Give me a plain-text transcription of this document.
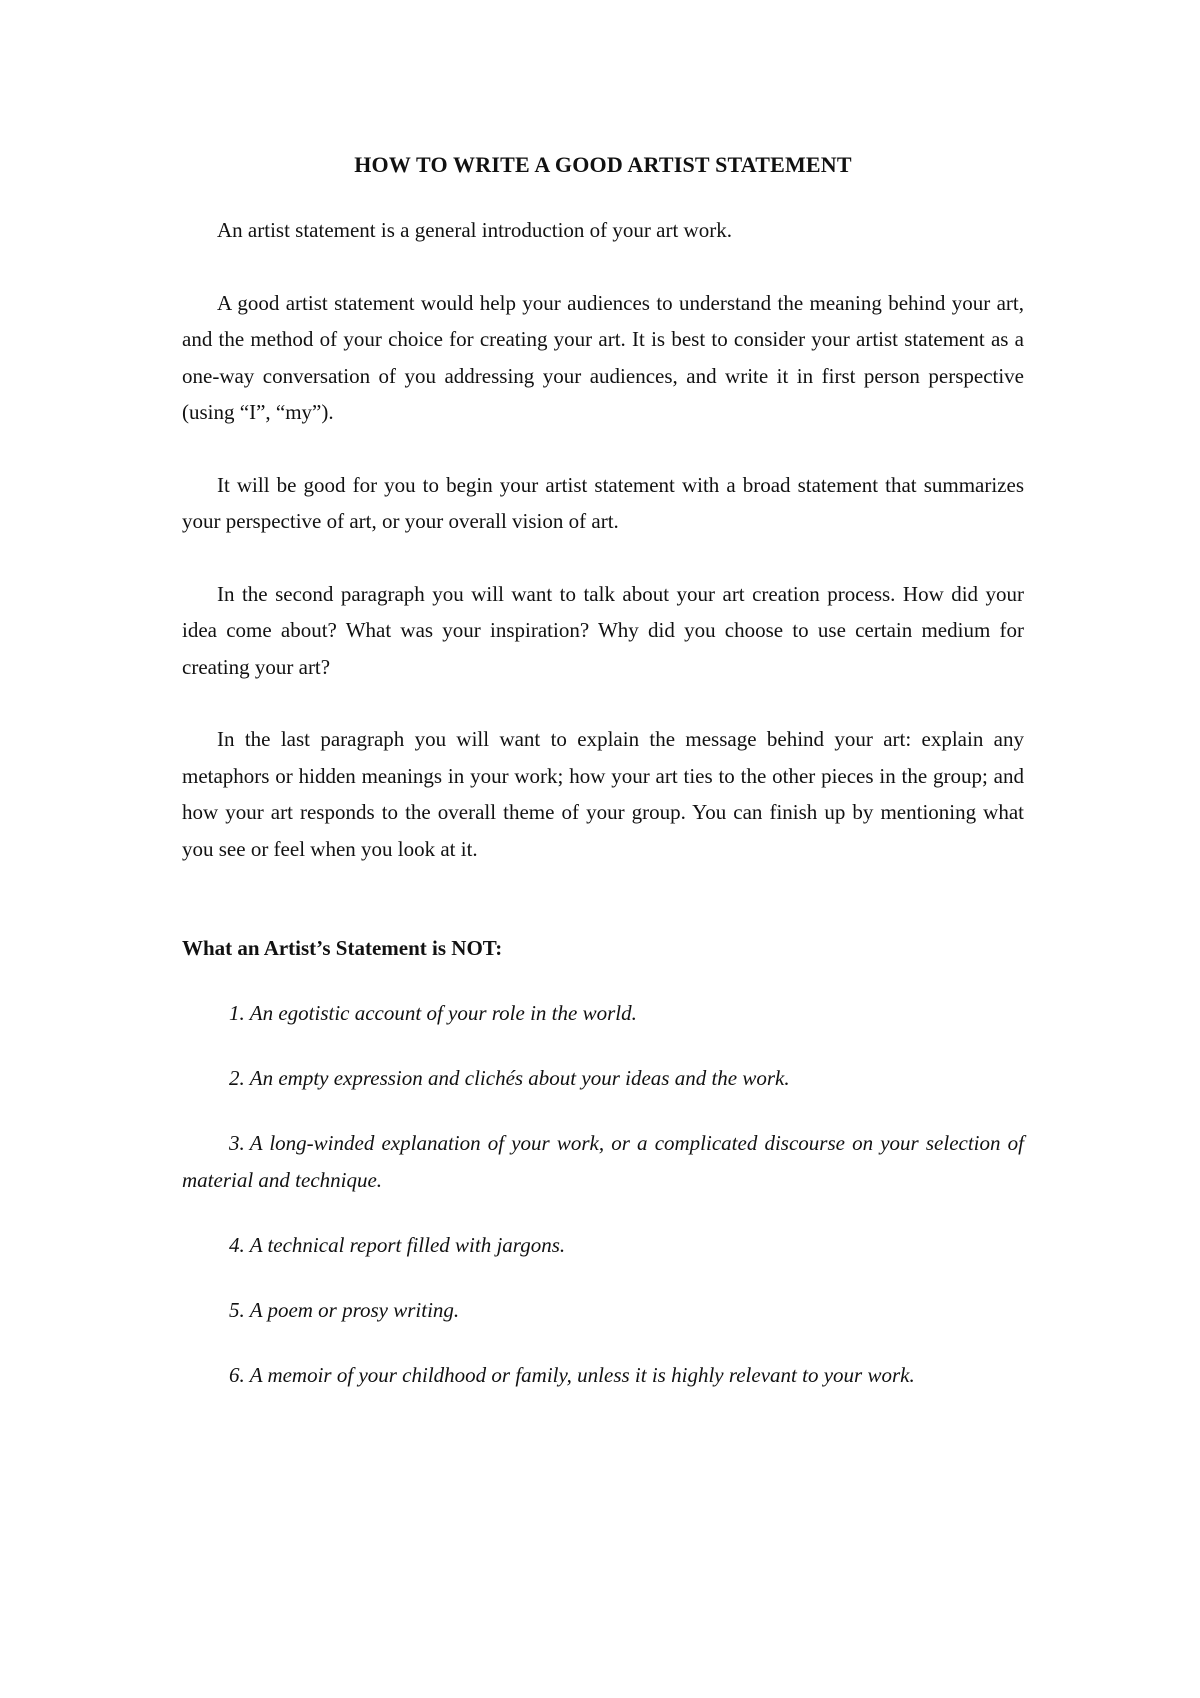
HOW TO WRITE A GOOD ARTIST STATEMENT

An artist statement is a general introduction of your art work.

A good artist statement would help your audiences to understand the meaning behind your art, and the method of your choice for creating your art. It is best to consider your artist statement as a one-way conversation of you addressing your audiences, and write it in first person perspective (using “I”, “my”).

It will be good for you to begin your artist statement with a broad statement that summarizes your perspective of art, or your overall vision of art.

In the second paragraph you will want to talk about your art creation process. How did your idea come about? What was your inspiration? Why did you choose to use certain medium for creating your art?

In the last paragraph you will want to explain the message behind your art: explain any metaphors or hidden meanings in your work; how your art ties to the other pieces in the group; and how your art responds to the overall theme of your group. You can finish up by mentioning what you see or feel when you look at it.

What an Artist’s Statement is NOT:
1. An egotistic account of your role in the world.
2. An empty expression and clichés about your ideas and the work.
3. A long-winded explanation of your work, or a complicated discourse on your selection of material and technique.
4. A technical report filled with jargons.
5. A poem or prosy writing.
6. A memoir of your childhood or family, unless it is highly relevant to your work.
